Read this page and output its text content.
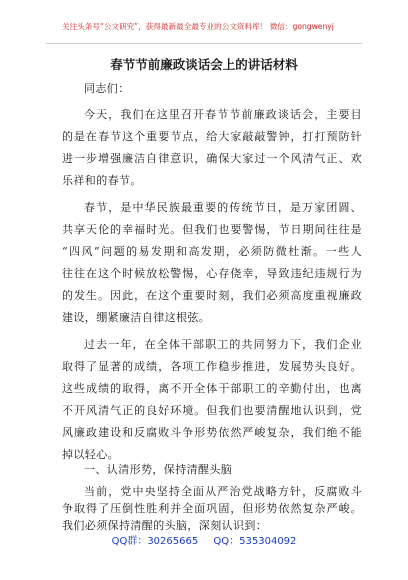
关注头条号“公文研究”，获得最新最全最专业的公文资料库！ 微信：gongwenyj
春节节前廉政谈话会上的讲话材料
同志们：
今天，我们在这里召开春节节前廉政谈话会，主要目
的是在春节这个重要节点，给大家敲敲警钟，打打预防针
进一步增强廉洁自律意识，确保大家过一个风清气正、欢
乐祥和的春节。
春节，是中华民族最重要的传统节日，是万家团圆、
共享天伦的幸福时光。但我们也要警惕，节日期间往往是
“四风”问题的易发期和高发期，必须防微杜渐。一些人
往往在这个时候放松警惕，心存侥幸，导致违纪违规行为
的发生。因此，在这个重要时刻，我们必须高度重视廉政
建设，绷紧廉洁自律这根弦。
过去一年，在全体干部职工的共同努力下，我们企业
取得了显著的成绩，各项工作稳步推进，发展势头良好。
这些成绩的取得，离不开全体干部职工的辛勤付出，也离
不开风清气正的良好环境。但我们也要清醒地认识到，党
风廉政建设和反腐败斗争形势依然严峻复杂，我们绝不能
掉以轻心。
一、认清形势，保持清醒头脑
当前，党中央坚持全面从严治党战略方针，反腐败斗
争取得了压倒性胜利并全面巩固，但形势依然复杂严峻。
我们必须保持清醒的头脑，深刻认识到：
QQ群：30265665 QQ：535304092
